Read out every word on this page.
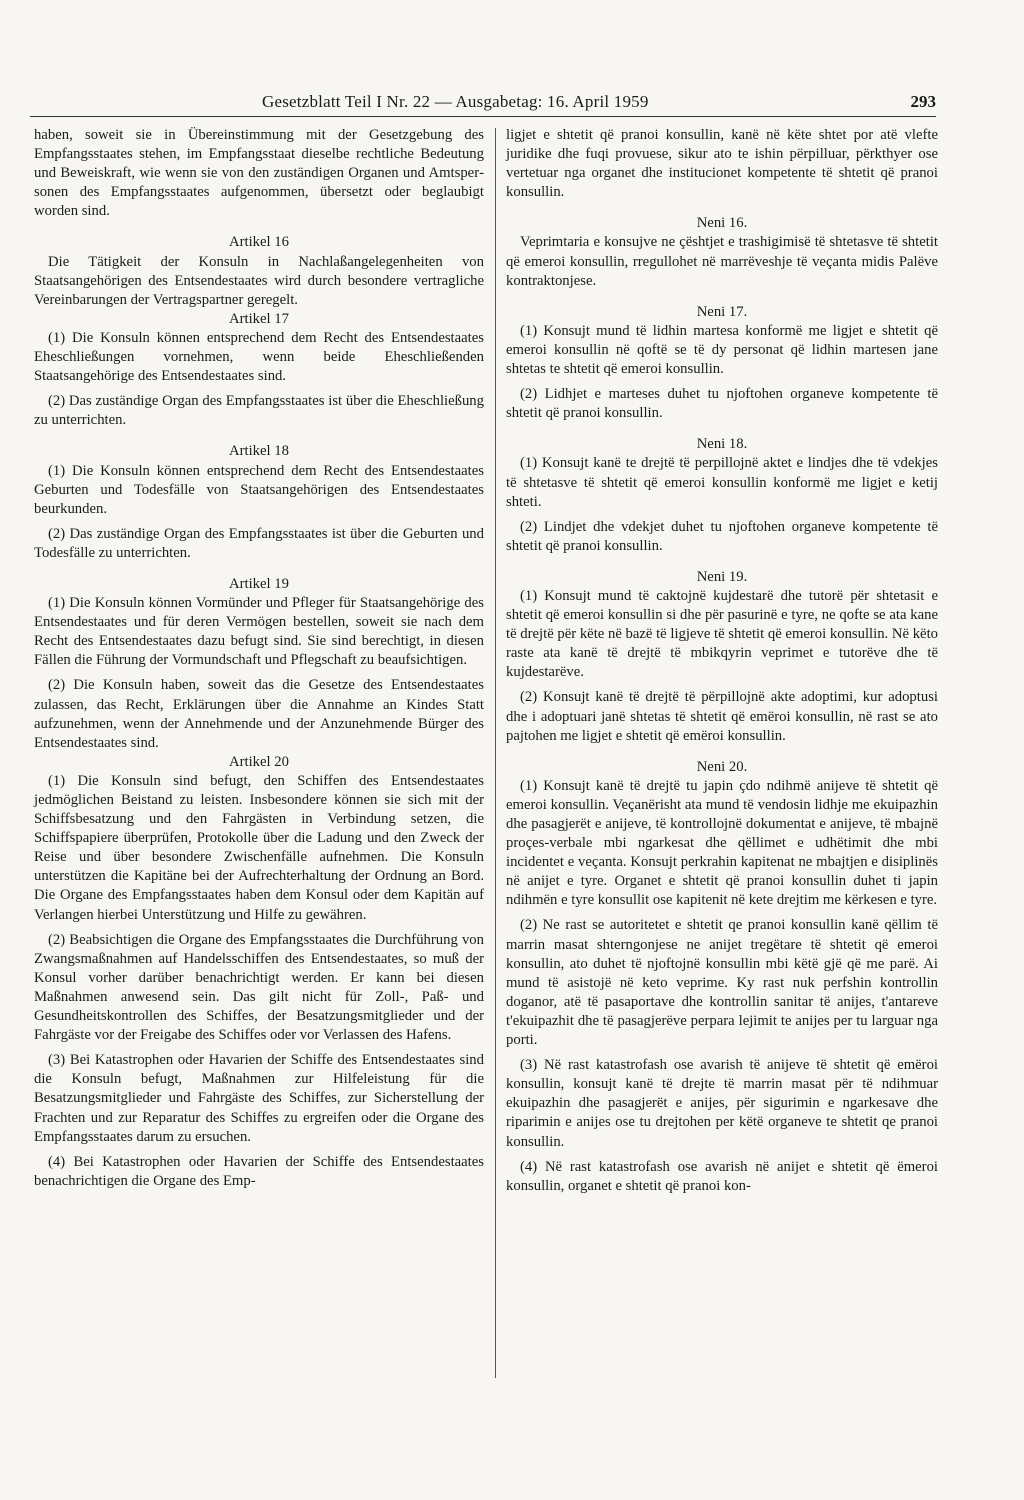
Gesetzblatt Teil I Nr. 22 — Ausgabetag: 16. April 1959	293

haben, soweit sie in Übereinstimmung mit der Gesetzgebung des Empfangsstaates stehen, im Empfangsstaat dieselbe rechtliche Bedeutung und Beweiskraft, wie wenn sie von den zuständigen Organen und Amtspersonen des Empfangsstaates aufgenommen, übersetzt oder beglaubigt worden sind.

Artikel 16

Die Tätigkeit der Konsuln in Nachlaßangelegenheiten von Staatsangehörigen des Entsendestaates wird durch besondere vertragliche Vereinbarungen der Vertragspartner geregelt.

Artikel 17

(1) Die Konsuln können entsprechend dem Recht des Entsendestaates Eheschließungen vornehmen, wenn beide Eheschließenden Staatsangehörige des Entsendestaates sind.

(2) Das zuständige Organ des Empfangsstaates ist über die Eheschließung zu unterrichten.

Artikel 18

(1) Die Konsuln können entsprechend dem Recht des Entsendestaates Geburten und Todesfälle von Staatsangehörigen des Entsendestaates beurkunden.

(2) Das zuständige Organ des Empfangsstaates ist über die Geburten und Todesfälle zu unterrichten.

Artikel 19

(1) Die Konsuln können Vormünder und Pfleger für Staatsangehörige des Entsendestaates und für deren Vermögen bestellen, soweit sie nach dem Recht des Entsendestaates dazu befugt sind. Sie sind berechtigt, in diesen Fällen die Führung der Vormundschaft und Pflegschaft zu beaufsichtigen.

(2) Die Konsuln haben, soweit das die Gesetze des Entsendestaates zulassen, das Recht, Erklärungen über die Annahme an Kindes Statt aufzunehmen, wenn der Annehmende und der Anzunehmende Bürger des Entsendestaates sind.

Artikel 20

(1) Die Konsuln sind befugt, den Schiffen des Entsendestaates jedmöglichen Beistand zu leisten. Insbesondere können sie sich mit der Schiffsbesatzung und den Fahrgästen in Verbindung setzen, die Schiffspapiere überprüfen, Protokolle über die Ladung und den Zweck der Reise und über besondere Zwischenfälle aufnehmen. Die Konsuln unterstützen die Kapitäne bei der Aufrechterhaltung der Ordnung an Bord. Die Organe des Empfangsstaates haben dem Konsul oder dem Kapitän auf Verlangen hierbei Unterstützung und Hilfe zu gewähren.

(2) Beabsichtigen die Organe des Empfangsstaates die Durchführung von Zwangsmaßnahmen auf Handelsschiffen des Entsendestaates, so muß der Konsul vorher darüber benachrichtigt werden. Er kann bei diesen Maßnahmen anwesend sein. Das gilt nicht für Zoll-, Paß- und Gesundheitskontrollen des Schiffes, der Besatzungsmitglieder und der Fahrgäste vor der Freigabe des Schiffes oder vor Verlassen des Hafens.

(3) Bei Katastrophen oder Havarien der Schiffe des Entsendestaates sind die Konsuln befugt, Maßnahmen zur Hilfeleistung für die Besatzungsmitglieder und Fahrgäste des Schiffes, zur Sicherstellung der Frachten und zur Reparatur des Schiffes zu ergreifen oder die Organe des Empfangsstaates darum zu ersuchen.

(4) Bei Katastrophen oder Havarien der Schiffe des Entsendestaates benachrichtigen die Organe des Emp-

ligjet e shtetit që pranoi konsullin, kanë në këte shtet por atë vlefte juridike dhe fuqi provuese, sikur ato te ishin përpilluar, përkthyer ose vertetuar nga organet dhe institucionet kompetente të shtetit që pranoi konsullin.

Neni 16.

Veprimtaria e konsujve ne çështjet e trashigimisë të shtetasve të shtetit që emeroi konsullin, rregullohet në marrëveshje të veçanta midis Palëve kontraktonjese.

Neni 17.

(1) Konsujt mund të lidhin martesa konformë me ligjet e shtetit që emeroi konsullin në qoftë se të dy personat që lidhin martesen jane shtetas te shtetit që emeroi konsullin.

(2) Lidhjet e marteses duhet tu njoftohen organeve kompetente të shtetit që pranoi konsullin.

Neni 18.

(1) Konsujt kanë te drejtë të perpillojnë aktet e lindjes dhe të vdekjes të shtetasve të shtetit që emeroi konsullin konformë me ligjet e ketij shteti.

(2) Lindjet dhe vdekjet duhet tu njoftohen organeve kompetente të shtetit që pranoi konsullin.

Neni 19.

(1) Konsujt mund të caktojnë kujdestarë dhe tutorë për shtetasit e shtetit që emeroi konsullin si dhe për pasurinë e tyre, ne qofte se ata kane të drejtë për këte në bazë të ligjeve të shtetit që emeroi konsullin. Në këto raste ata kanë të drejtë të mbikqyrin veprimet e tutorëve dhe të kujdestarëve.

(2) Konsujt kanë të drejtë të përpillojnë akte adoptimi, kur adoptusi dhe i adoptuari janë shtetas të shtetit që emëroi konsullin, në rast se ato pajtohen me ligjet e shtetit që emëroi konsullin.

Neni 20.

(1) Konsujt kanë të drejtë tu japin çdo ndihmë anijeve të shtetit që emeroi konsullin. Veçanërisht ata mund të vendosin lidhje me ekuipazhin dhe pasagjerët e anijeve, të kontrollojnë dokumentat e anijeve, të mbajnë proçes-verbale mbi ngarkesat dhe qëllimet e udhëtimit dhe mbi incidentet e veçanta. Konsujt perkrahin kapitenat ne mbajtjen e disiplinës në anijet e tyre. Organet e shtetit që pranoi konsullin duhet ti japin ndihmën e tyre konsullit ose kapitenit në kete drejtim me kërkesen e tyre.

(2) Ne rast se autoritetet e shtetit qe pranoi konsullin kanë qëllim të marrin masat shterngonjese ne anijet tregëtare të shtetit që emeroi konsullin, ato duhet të njoftojnë konsullin mbi këtë gjë që me parë. Ai mund të asistojë në keto veprime. Ky rast nuk perfshin kontrollin doganor, atë të pasaportave dhe kontrollin sanitar të anijes, t'antareve t'ekuipazhit dhe të pasagjerëve perpara lejimit te anijes per tu larguar nga porti.

(3) Në rast katastrofash ose avarish të anijeve të shtetit që emëroi konsullin, konsujt kanë të drejte të marrin masat për të ndihmuar ekuipazhin dhe pasagjerët e anijes, për sigurimin e ngarkesave dhe riparimin e anijes ose tu drejtohen per këtë organeve te shtetit qe pranoi konsullin.

(4) Në rast katastrofash ose avarish në anijet e shtetit që ëmeroi konsullin, organet e shtetit që pranoi kon-
